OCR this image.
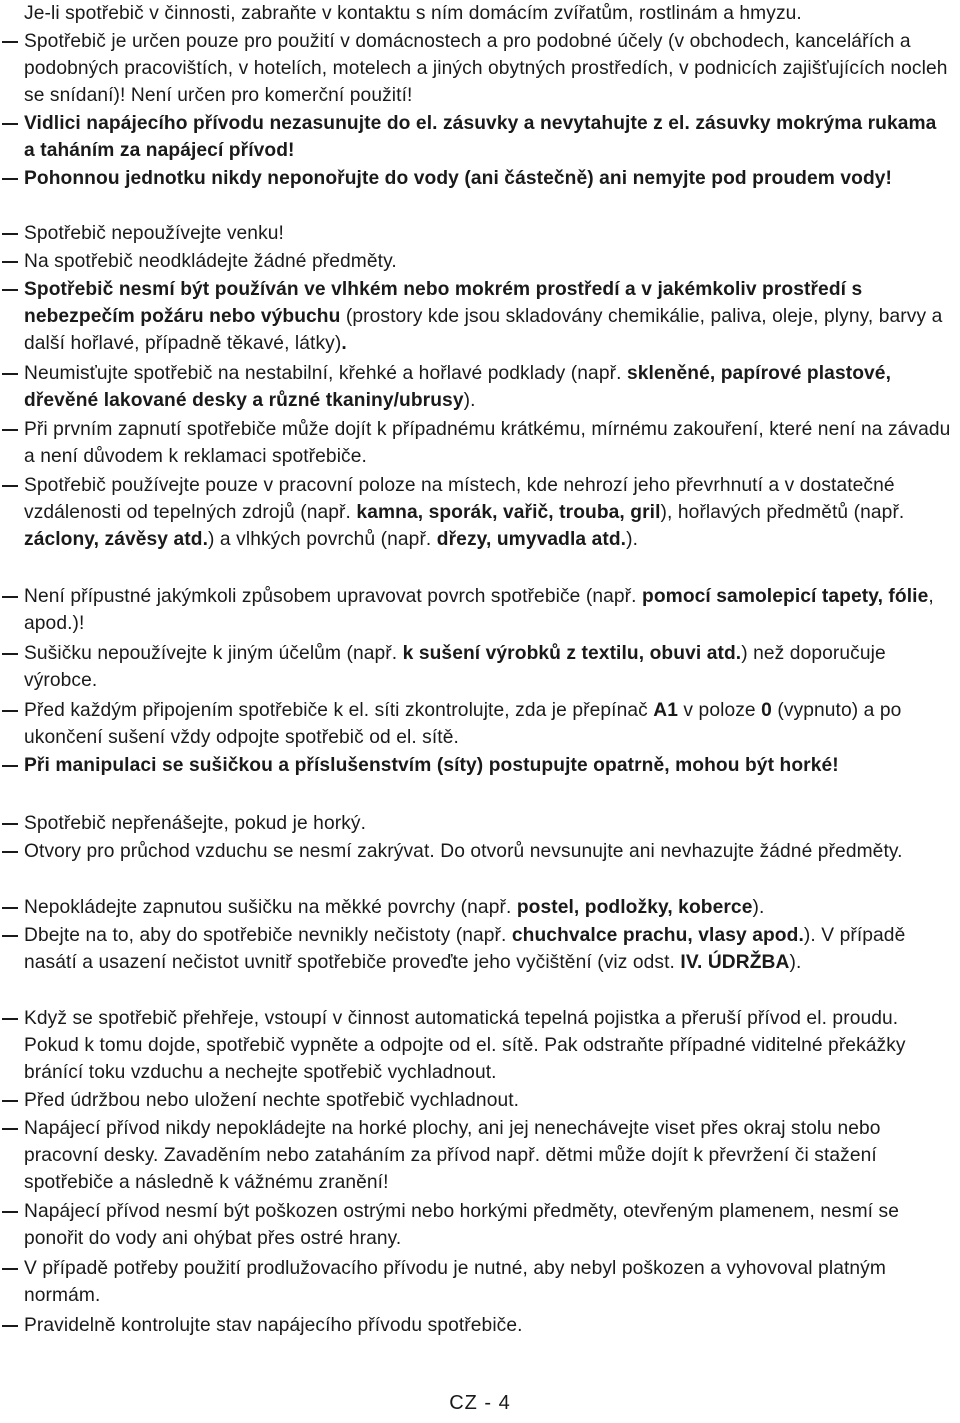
Je-li spotřebič v činnosti, zabraňte v kontaktu s ním domácím zvířatům, rostlinám a hmyzu.
Spotřebič je určen pouze pro použití v domácnostech a pro podobné účely (v obchodech, kancelářích a podobných pracovištích, v hotelích, motelech a jiných obytných prostředích, v podnicích zajišťujících nocleh se snídaní)! Není určen pro komerční použití!
Vidlici napájecího přívodu nezasunujte do el. zásuvky a nevytahujte z el. zásuvky mokrýma rukama a taháním za napájecí přívod!
Pohonnou jednotku nikdy neponořujte do vody (ani částečně) ani nemyjte pod proudem vody!
Spotřebič nepoužívejte venku!
Na spotřebič neodkládejte žádné předměty.
Spotřebič nesmí být používán ve vlhkém nebo mokrém prostředí a v jakémkoliv prostředí s nebezpečím požáru nebo výbuchu (prostory kde jsou skladovány chemikálie, paliva, oleje, plyny, barvy a další hořlavé, případně těkavé, látky).
Neumisťujte spotřebič na nestabilní, křehké a hořlavé podklady (např. skleněné, papírové plastové, dřevěné lakované desky a různé tkaniny/ubrusy).
Při prvním zapnutí spotřebiče může dojít k případnému krátkému, mírnému zakouření, které není na závadu a není důvodem k reklamaci spotřebiče.
Spotřebič používejte pouze v pracovní poloze na místech, kde nehrozí jeho převrhnutí a v dostatečné vzdálenosti od tepelných zdrojů (např. kamna, sporák, vařič, trouba, gril), hořlavých předmětů (např. záclony, závěsy atd.) a vlhkých povrchů (např. dřezy, umyvadla atd.).
Není přípustné jakýmkoli způsobem upravovat povrch spotřebiče (např. pomocí samolepicí tapety, fólie, apod.)!
Sušičku nepoužívejte k jiným účelům (např. k sušení výrobků z textilu, obuvi atd.) než doporučuje výrobce.
Před každým připojením spotřebiče k el. síti zkontrolujte, zda je přepínač A1 v poloze 0 (vypnuto) a po ukončení sušení vždy odpojte spotřebič od el. sítě.
Při manipulaci se sušičkou a příslušenstvím (síty) postupujte opatrně, mohou být horké!
Spotřebič nepřenášejte, pokud je horký.
Otvory pro průchod vzduchu se nesmí zakrývat. Do otvorů nevsunujte ani nevhazujte žádné předměty.
Nepokládejte zapnutou sušičku na měkké povrchy (např. postel, podložky, koberce).
Dbejte na to, aby do spotřebiče nevnikly nečistoty (např. chuchvalce prachu, vlasy apod.). V případě nasátí a usazení nečistot uvnitř spotřebiče proveďte jeho vyčištění (viz odst. IV. ÚDRŽBA).
Když se spotřebič přehřeje, vstoupí v činnost automatická tepelná pojistka a přeruší přívod el. proudu. Pokud k tomu dojde, spotřebič vypněte a odpojte od el. sítě. Pak odstraňte případné viditelné překážky bránící toku vzduchu a nechejte spotřebič vychladnout.
Před údržbou nebo uložení nechte spotřebič vychladnout.
Napájecí přívod nikdy nepokládejte na horké plochy, ani jej nenechávejte viset přes okraj stolu nebo pracovní desky. Zavaděním nebo zataháním za přívod např. dětmi může dojít k převržení či stažení spotřebiče a následně k vážnému zranění!
Napájecí přívod nesmí být poškozen ostrými nebo horkými předměty, otevřeným plamenem, nesmí se ponořit do vody ani ohýbat přes ostré hrany.
V případě potřeby použití prodlužovacího přívodu je nutné, aby nebyl poškozen a vyhovoval platným normám.
Pravidelně kontrolujte stav napájecího přívodu spotřebiče.
CZ - 4
